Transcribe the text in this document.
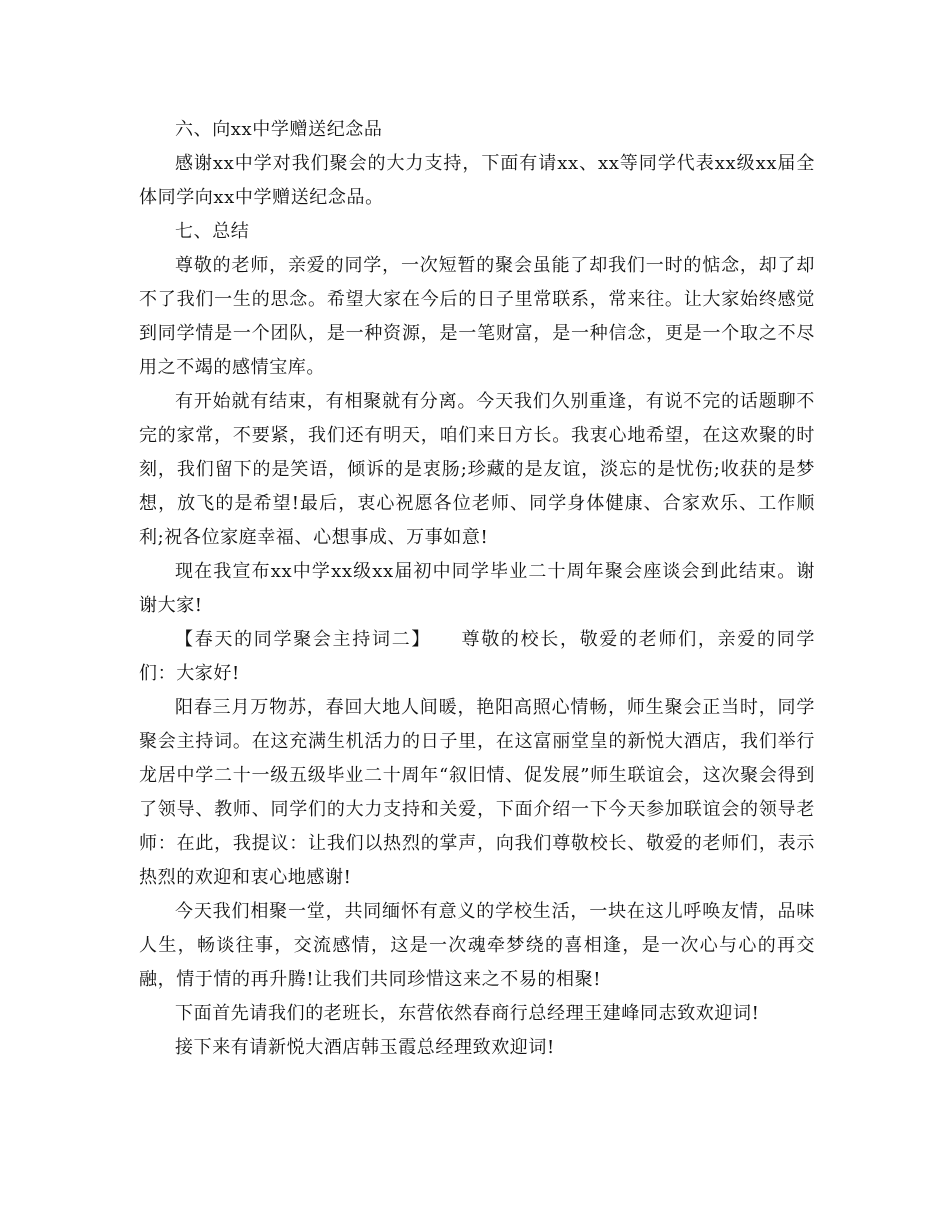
六、向xx中学赠送纪念品

感谢xx中学对我们聚会的大力支持，下面有请xx、xx等同学代表xx级xx届全体同学向xx中学赠送纪念品。

七、总结

尊敬的老师，亲爱的同学，一次短暂的聚会虽能了却我们一时的惦念，却了却不了我们一生的思念。希望大家在今后的日子里常联系，常来往。让大家始终感觉到同学情是一个团队，是一种资源，是一笔财富，是一种信念，更是一个取之不尽用之不竭的感情宝库。

有开始就有结束，有相聚就有分离。今天我们久别重逢，有说不完的话题聊不完的家常，不要紧，我们还有明天，咱们来日方长。我衷心地希望，在这欢聚的时刻，我们留下的是笑语，倾诉的是衷肠;珍藏的是友谊，淡忘的是忧伤;收获的是梦想，放飞的是希望!最后，衷心祝愿各位老师、同学身体健康、合家欢乐、工作顺利;祝各位家庭幸福、心想事成、万事如意!

现在我宣布xx中学xx级xx届初中同学毕业二十周年聚会座谈会到此结束。谢谢大家!

【春天的同学聚会主持词二】　　尊敬的校长，敬爱的老师们，亲爱的同学们：大家好!

阳春三月万物苏，春回大地人间暖，艳阳高照心情畅，师生聚会正当时，同学聚会主持词。在这充满生机活力的日子里，在这富丽堂皇的新悦大酒店，我们举行龙居中学二十一级五级毕业二十周年“叙旧情、促发展”师生联谊会，这次聚会得到了领导、教师、同学们的大力支持和关爱，下面介绍一下今天参加联谊会的领导老师：在此，我提议：让我们以热烈的掌声，向我们尊敬校长、敬爱的老师们，表示热烈的欢迎和衷心地感谢!

今天我们相聚一堂，共同缅怀有意义的学校生活，一块在这儿呼唤友情，品味人生，畅谈往事，交流感情，这是一次魂牵梦绕的喜相逢，是一次心与心的再交融，情于情的再升腾!让我们共同珍惜这来之不易的相聚!

下面首先请我们的老班长，东营依然春商行总经理王建峰同志致欢迎词!

接下来有请新悦大酒店韩玉霞总经理致欢迎词!
